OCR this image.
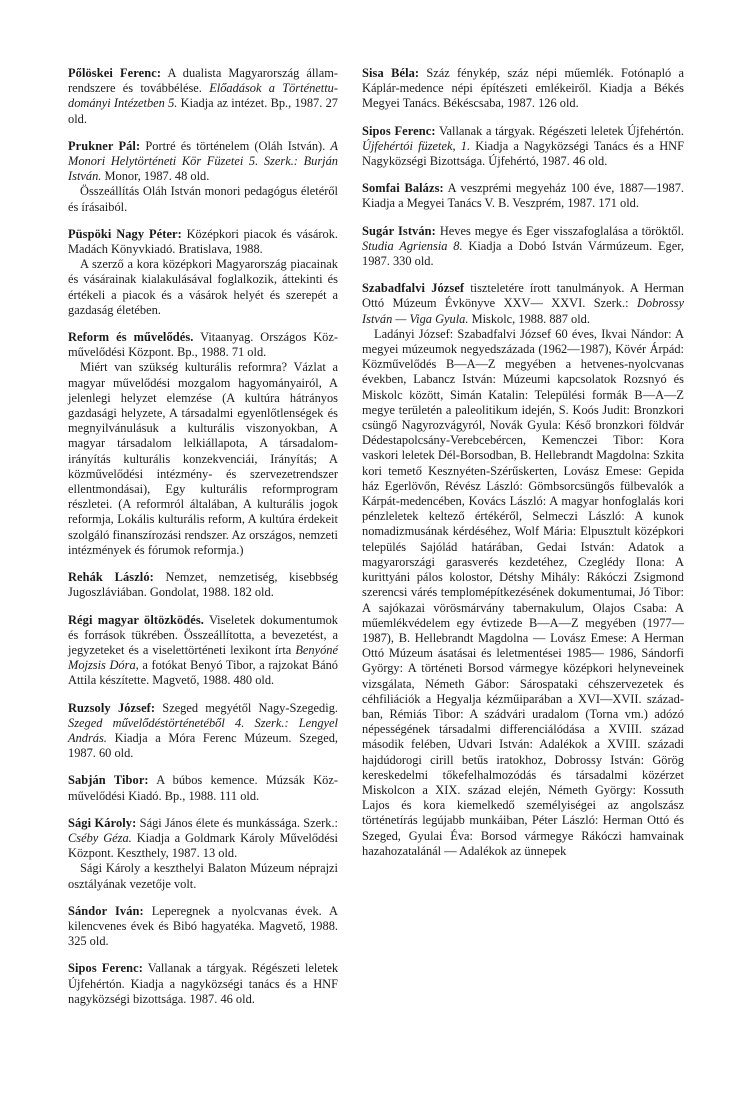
Pőlöskei Ferenc: A dualista Magyarország államrendszere és továbbélése. Előadások a Történettudományi Intézetben 5. Kiadja az intézet. Bp., 1987. 27 old.
Prukner Pál: Portré és történelem (Oláh István). A Monori Helytörténeti Kör Füzetei 5. Szerk.: Burján István. Monor, 1987. 48 old.

Összeállítás Oláh István monori pedagógus életéről és írásaiból.

Püspöki Nagy Péter: Középkori piacok és vásárok. Madách Könyvkiadó. Bratislava, 1988.

A szerző a kora középkori Magyarország piacainak és vásárainak kialakulásával foglalkozik, áttekinti és értékeli a piacok és a vásárok helyét és szerepét a gazdaság életében.

Reform és művelődés. Vitaanyag. Országos Közművelődési Központ. Bp., 1988. 71 old.

Miért van szükség kulturális reformra? Vázlat a magyar művelődési mozgalom hagyományairól, A jelenlegi helyzet elemzése (A kultúra hátrányos gazdasági helyzete, A társadalmi egyenlőtlenségek és megnyilvánulásuk a kulturális viszonyokban, A magyar társadalom lelkiállapota, A társadalomirányítás kulturális konzekvenciái, Irányítás; A közművelődési intézmény- és szervezetrendszer ellentmondásai), Egy kulturális reformprogram részletei. (A reformról általában, A kulturális jogok reformja, Lokális kulturális reform, A kultúra érdekeit szolgáló finanszírozási rendszer. Az országos, nemzeti intézmények és fórumok reformja.)

Rehák László: Nemzet, nemzetiség, kisebbség Jugoszláviában. Gondolat, 1988. 182 old.
Régi magyar öltözködés. Viseletek dokumentumok és források tükrében. Összeállította, a bevezetést, a jegyzeteket és a viselettörténeti lexikont írta Benyóné Mojzsis Dóra, a fotókat Benyó Tibor, a rajzokat Bánó Attila készítette. Magvető, 1988. 480 old.
Ruzsoly József: Szeged megyétől Nagy-Szegedig. Szeged művelődéstörténetéből 4. Szerk.: Lengyel András. Kiadja a Móra Ferenc Múzeum. Szeged, 1987. 60 old.
Sabján Tibor: A búbos kemence. Múzsák Közművelődési Kiadó. Bp., 1988. 111 old.
Sági Károly: Sági János élete és munkássága. Szerk.: Cséby Géza. Kiadja a Goldmark Károly Művelődési Központ. Keszthely, 1987. 13 old.

Sági Károly a keszthelyi Balaton Múzeum néprajzi osztályának vezetője volt.

Sándor Iván: Leperegnek a nyolcvanas évek. A kilencvenes évek és Bibó hagyatéka. Magvető, 1988. 325 old.
Sipos Ferenc: Vallanak a tárgyak. Régészeti leletek Újfehértón. Kiadja a nagyközségi tanács és a HNF nagyközségi bizottsága. 1987. 46 old.
Sisa Béla: Száz fénykép, száz népi műemlék. Fotónapló a Káplár-medence népi építészeti emlékeiről. Kiadja a Békés Megyei Tanács. Békéscsaba, 1987. 126 old.
Sipos Ferenc: Vallanak a tárgyak. Régészeti leletek Újfehértón. Újfehértói füzetek, 1. Kiadja a Nagyközségi Tanács és a HNF Nagyközségi Bizottsága. Újfehértó, 1987. 46 old.
Somfai Balázs: A veszprémi megyeház 100 éve, 1887—1987. Kiadja a Megyei Tanács V. B. Veszprém, 1987. 171 old.
Sugár István: Heves megye és Eger visszafoglalása a töröktől. Studia Agriensia 8. Kiadja a Dobó István Vármúzeum. Eger, 1987. 330 old.
Szabadfalvi József tiszteletére írott tanulmányok. A Herman Ottó Múzeum Évkönyve XXV— XXVI. Szerk.: Dobrossy István — Viga Gyula. Miskolc, 1988. 887 old.

Ladányi József: Szabadfalvi József 60 éves, Ikvai Nándor: A megyei múzeumok negyedszázada (1962—1987), Kövér Árpád: Közművelődés B—A—Z megyében a hetvenes-nyolcvanas években, Labancz István: Múzeumi kapcsolatok Rozsnyó és Miskolc között, Simán Katalin: Települési formák B—A—Z megye területén a paleolitikum idején, S. Koós Judit: Bronzkori csüngő Nagyrozvágyról, Novák Gyula: Késő bronzkori földvár Dédestapolcsány-Verebcebércen, Kemenczei Tibor: Kora vaskori leletek Dél-Borsodban, B. Hellebrandt Magdolna: Szkita kori temető Kesznyéten-Szérűskerten, Lovász Emese: Gepida ház Egerlövőn, Révész László: Gömbsorcsüngős fülbevalók a Kárpát-medencében, Kovács László: A magyar honfoglalás kori pénzleletek keltező értékéről, Selmeczi László: A kunok nomadizmusának kérdéséhez, Wolf Mária: Elpusztult középkori település Sajólád határában, Gedai István: Adatok a magyarországi garasverés kezdetéhez, Czeglédy Ilona: A kurittyáni pálos kolostor, Détshy Mihály: Rákóczi Zsigmond szerencsi várés templomépítkezésének dokumentumai, Jó Tibor: A sajókazai vörösmárvány tabernakulum, Olajos Csaba: A műemlékvédelem egy évtizede B—A—Z megyében (1977—1987), B. Hellebrandt Magdolna — Lovász Emese: A Herman Ottó Múzeum ásatásai és leletmentései 1985— 1986, Sándorfi György: A történeti Borsod vármegye középkori helyneveinek vizsgálata, Németh Gábor: Sárospataki céhszervezetek és céhfiliációk a Hegyalja kézműiparában a XVI—XVII. században, Rémiás Tibor: A szádvári uradalom (Torna vm.) adózó népességének társadalmi differenciálódása a XVIII. század második felében, Udvari István: Adalékok a XVIII. századi hajdúdorogi cirill betűs iratokhoz, Dobrossy István: Görög kereskedelmi tőkefelhalmozódás és társadalmi közérzet Miskolcon a XIX. század elején, Németh György: Kossuth Lajos és kora kiemelkedő személyiségei az angolszász történetírás legújabb munkáiban, Péter László: Herman Ottó és Szeged, Gyulai Éva: Borsod vármegye Rákóczi hamvainak hazahozatalánál — Adalékok az ünnepek
